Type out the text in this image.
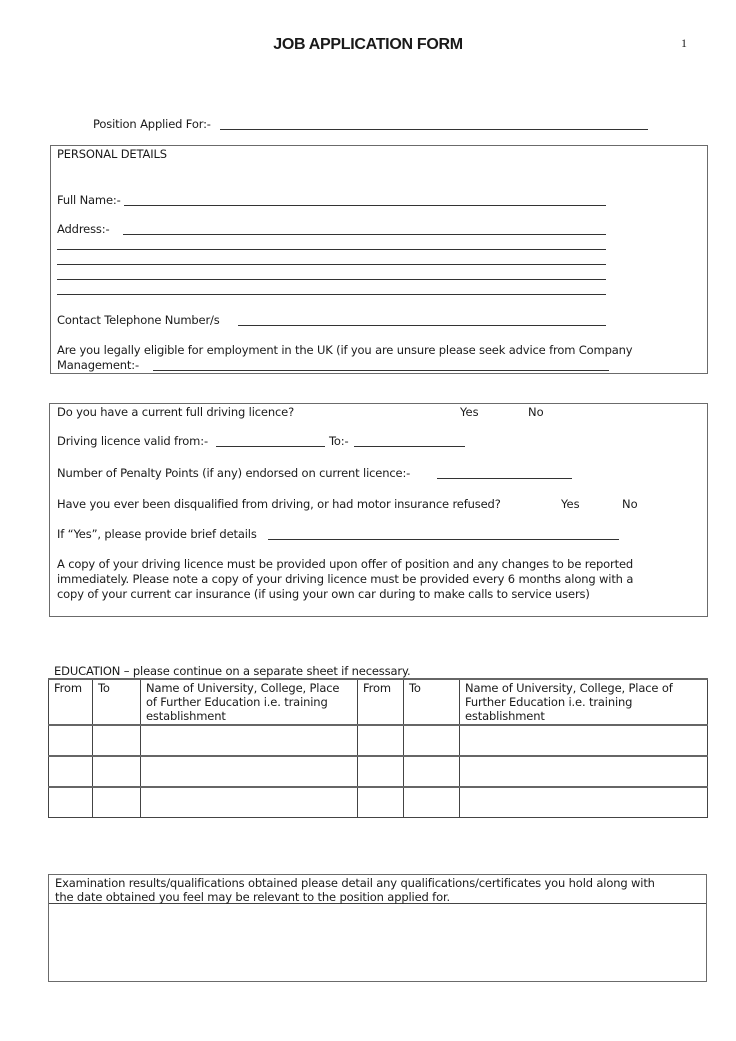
JOB APPLICATION FORM	1
Position Applied For:-
PERSONAL DETAILS
Full Name:-
Address:-
Contact Telephone Number/s
Are you legally eligible for employment in the UK (if you are unsure please seek advice from Company
Management:-
Do you have a current full driving licence?	Yes	No
Driving licence valid from:-	To:-
Number of Penalty Points (if any) endorsed on current licence:-
Have you ever been disqualified from driving, or had motor insurance refused?	Yes	No
If “Yes”, please provide brief details
A copy of your driving licence must be provided upon offer of position and any changes to be reported
immediately. Please note a copy of your driving licence must be provided every 6 months along with a
copy of your current car insurance (if using your own car during to make calls to service users)
EDUCATION – please continue on a separate sheet if necessary.
From	To	Name of University, College, Place of Further Education i.e. training establishment	From	To	Name of University, College, Place of Further Education i.e. training establishment

Examination results/qualifications obtained please detail any qualifications/certificates you hold along with
the date obtained you feel may be relevant to the position applied for.
